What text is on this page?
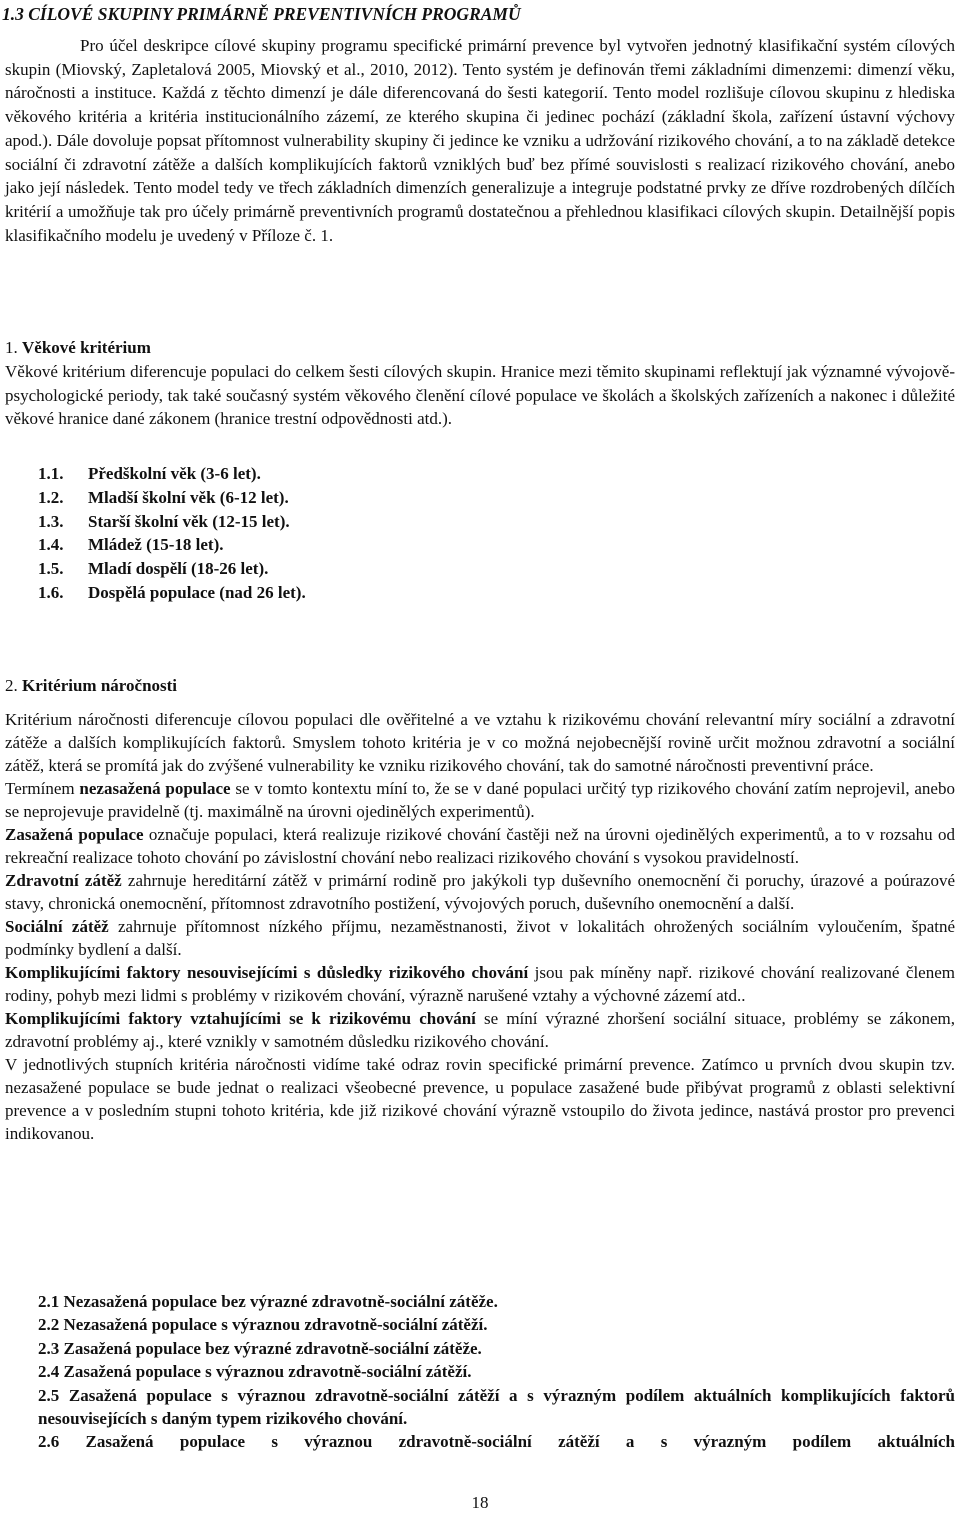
1.3 CÍLOVÉ SKUPINY PRIMÁRNĚ PREVENTIVNÍCH PROGRAMŮ

Pro účel deskripce cílové skupiny programu specifické primární prevence byl vytvořen jednotný klasifikační systém cílových skupin (Miovský, Zapletalová 2005, Miovský et al., 2010, 2012). Tento systém je definován třemi základními dimenzemi: dimenzí věku, náročnosti a instituce. Každá z těchto dimenzí je dále diferencovaná do šesti kategorií. Tento model rozlišuje cílovou skupinu z hlediska věkového kritéria a kritéria institucionálního zázemí, ze kterého skupina či jedinec pochází (základní škola, zařízení ústavní výchovy apod.). Dále dovoluje popsat přítomnost vulnerability skupiny či jedince ke vzniku a udržování rizikového chování, a to na základě detekce sociální či zdravotní zátěže a dalších komplikujících faktorů vzniklých buď bez přímé souvislosti s realizací rizikového chování, anebo jako její následek. Tento model tedy ve třech základních dimenzích generalizuje a integruje podstatné prvky ze dříve rozdrobených dílčích kritérií a umožňuje tak pro účely primárně preventivních programů dostatečnou a přehlednou klasifikaci cílových skupin. Detailnější popis klasifikačního modelu je uvedený v Příloze č. 1.

1. Věkové kritérium

Věkové kritérium diferencuje populaci do celkem šesti cílových skupin. Hranice mezi těmito skupinami reflektují jak významné vývojově-psychologické periody, tak také současný systém věkového členění cílové populace ve školách a školských zařízeních a nakonec i důležité věkové hranice dané zákonem (hranice trestní odpovědnosti atd.).

1.1. Předškolní věk (3-6 let).
1.2. Mladší školní věk (6-12 let).
1.3. Starší školní věk (12-15 let).
1.4. Mládež (15-18 let).
1.5. Mladí dospělí (18-26 let).
1.6. Dospělá populace (nad 26 let).

2. Kritérium náročnosti

Kritérium náročnosti diferencuje cílovou populaci dle ověřitelné a ve vztahu k rizikovému chování relevantní míry sociální a zdravotní zátěže a dalších komplikujících faktorů. Smyslem tohoto kritéria je v co možná nejobecnější rovině určit možnou zdravotní a sociální zátěž, která se promítá jak do zvýšené vulnerability ke vzniku rizikového chování, tak do samotné náročnosti preventivní práce.

Termínem nezasažená populace se v tomto kontextu míní to, že se v dané populaci určitý typ rizikového chování zatím neprojevil, anebo se neprojevuje pravidelně (tj. maximálně na úrovni ojedinělých experimentů).

Zasažená populace označuje populaci, která realizuje rizikové chování častěji než na úrovni ojedinělých experimentů, a to v rozsahu od rekreační realizace tohoto chování po závislostní chování nebo realizaci rizikového chování s vysokou pravidelností.

Zdravotní zátěž zahrnuje hereditární zátěž v primární rodině pro jakýkoli typ duševního onemocnění či poruchy, úrazové a poúrazové stavy, chronická onemocnění, přítomnost zdravotního postižení, vývojových poruch, duševního onemocnění a další.

Sociální zátěž zahrnuje přítomnost nízkého příjmu, nezaměstnanosti, život v lokalitách ohrožených sociálním vyloučením, špatné podmínky bydlení a další.

Komplikujícími faktory nesouvisejícími s důsledky rizikového chování jsou pak míněny např. rizikové chování realizované členem rodiny, pohyb mezi lidmi s problémy v rizikovém chování, výrazně narušené vztahy a výchovné zázemí atd..

Komplikujícími faktory vztahujícími se k rizikovému chování se míní výrazné zhoršení sociální situace, problémy se zákonem, zdravotní problémy aj., které vznikly v samotném důsledku rizikového chování.

V jednotlivých stupních kritéria náročnosti vidíme také odraz rovin specifické primární prevence. Zatímco u prvních dvou skupin tzv. nezasažené populace se bude jednat o realizaci všeobecné prevence, u populace zasažené bude přibývat programů z oblasti selektivní prevence a v posledním stupni tohoto kritéria, kde již rizikové chování výrazně vstoupilo do života jedince, nastává prostor pro prevenci indikovanou.

2.1 Nezasažená populace bez výrazné zdravotně-sociální zátěže.
2.2 Nezasažená populace s výraznou zdravotně-sociální zátěží.
2.3 Zasažená populace bez výrazné zdravotně-sociální zátěže.
2.4 Zasažená populace s výraznou zdravotně-sociální zátěží.
2.5 Zasažená populace s výraznou zdravotně-sociální zátěží a s výrazným podílem aktuálních komplikujících faktorů nesouvisejících s daným typem rizikového chování.
2.6 Zasažená populace s výraznou zdravotně-sociální zátěží a s výrazným podílem aktuálních
18
